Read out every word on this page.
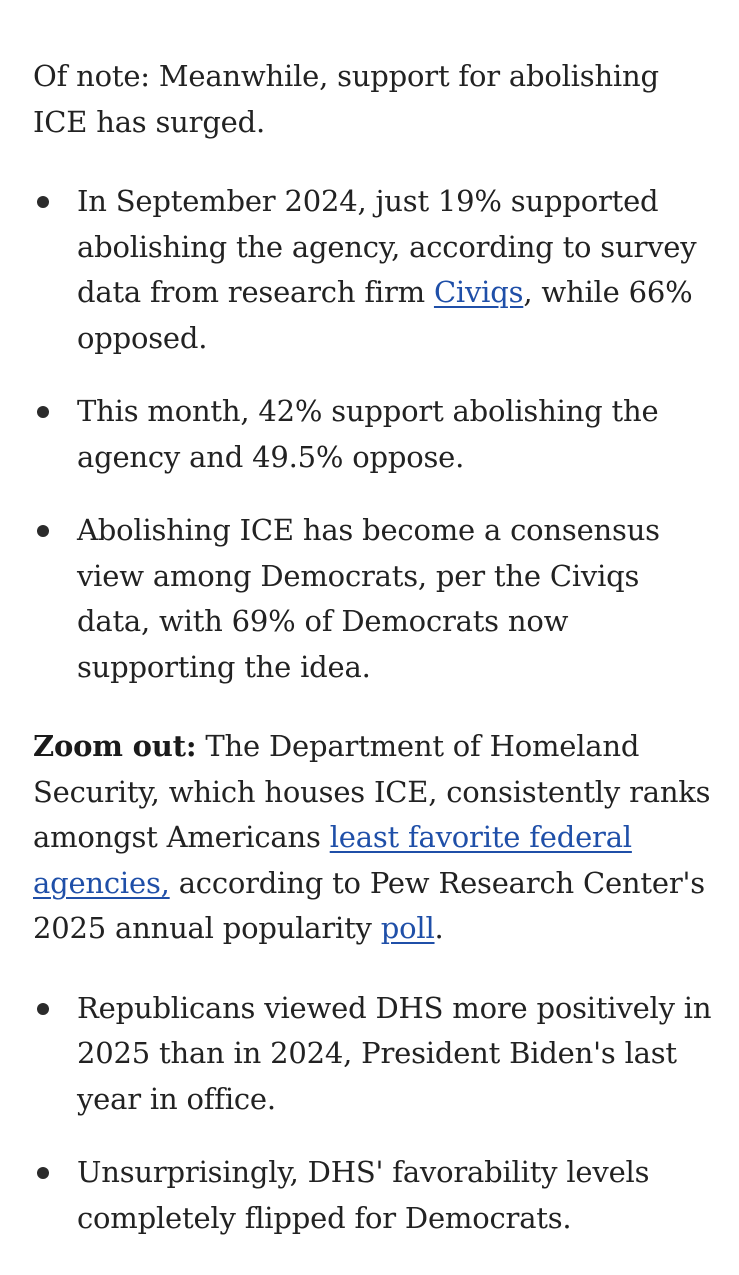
Of note: Meanwhile, support for abolishing ICE has surged.

In September 2024, just 19% supported abolishing the agency, according to survey data from research firm Civiqs, while 66% opposed.
This month, 42% support abolishing the agency and 49.5% oppose.
Abolishing ICE has become a consensus view among Democrats, per the Civiqs data, with 69% of Democrats now supporting the idea.

Zoom out: The Department of Homeland Security, which houses ICE, consistently ranks amongst Americans least favorite federal agencies, according to Pew Research Center's 2025 annual popularity poll.

Republicans viewed DHS more positively in 2025 than in 2024, President Biden's last year in office.
Unsurprisingly, DHS' favorability levels completely flipped for Democrats.
